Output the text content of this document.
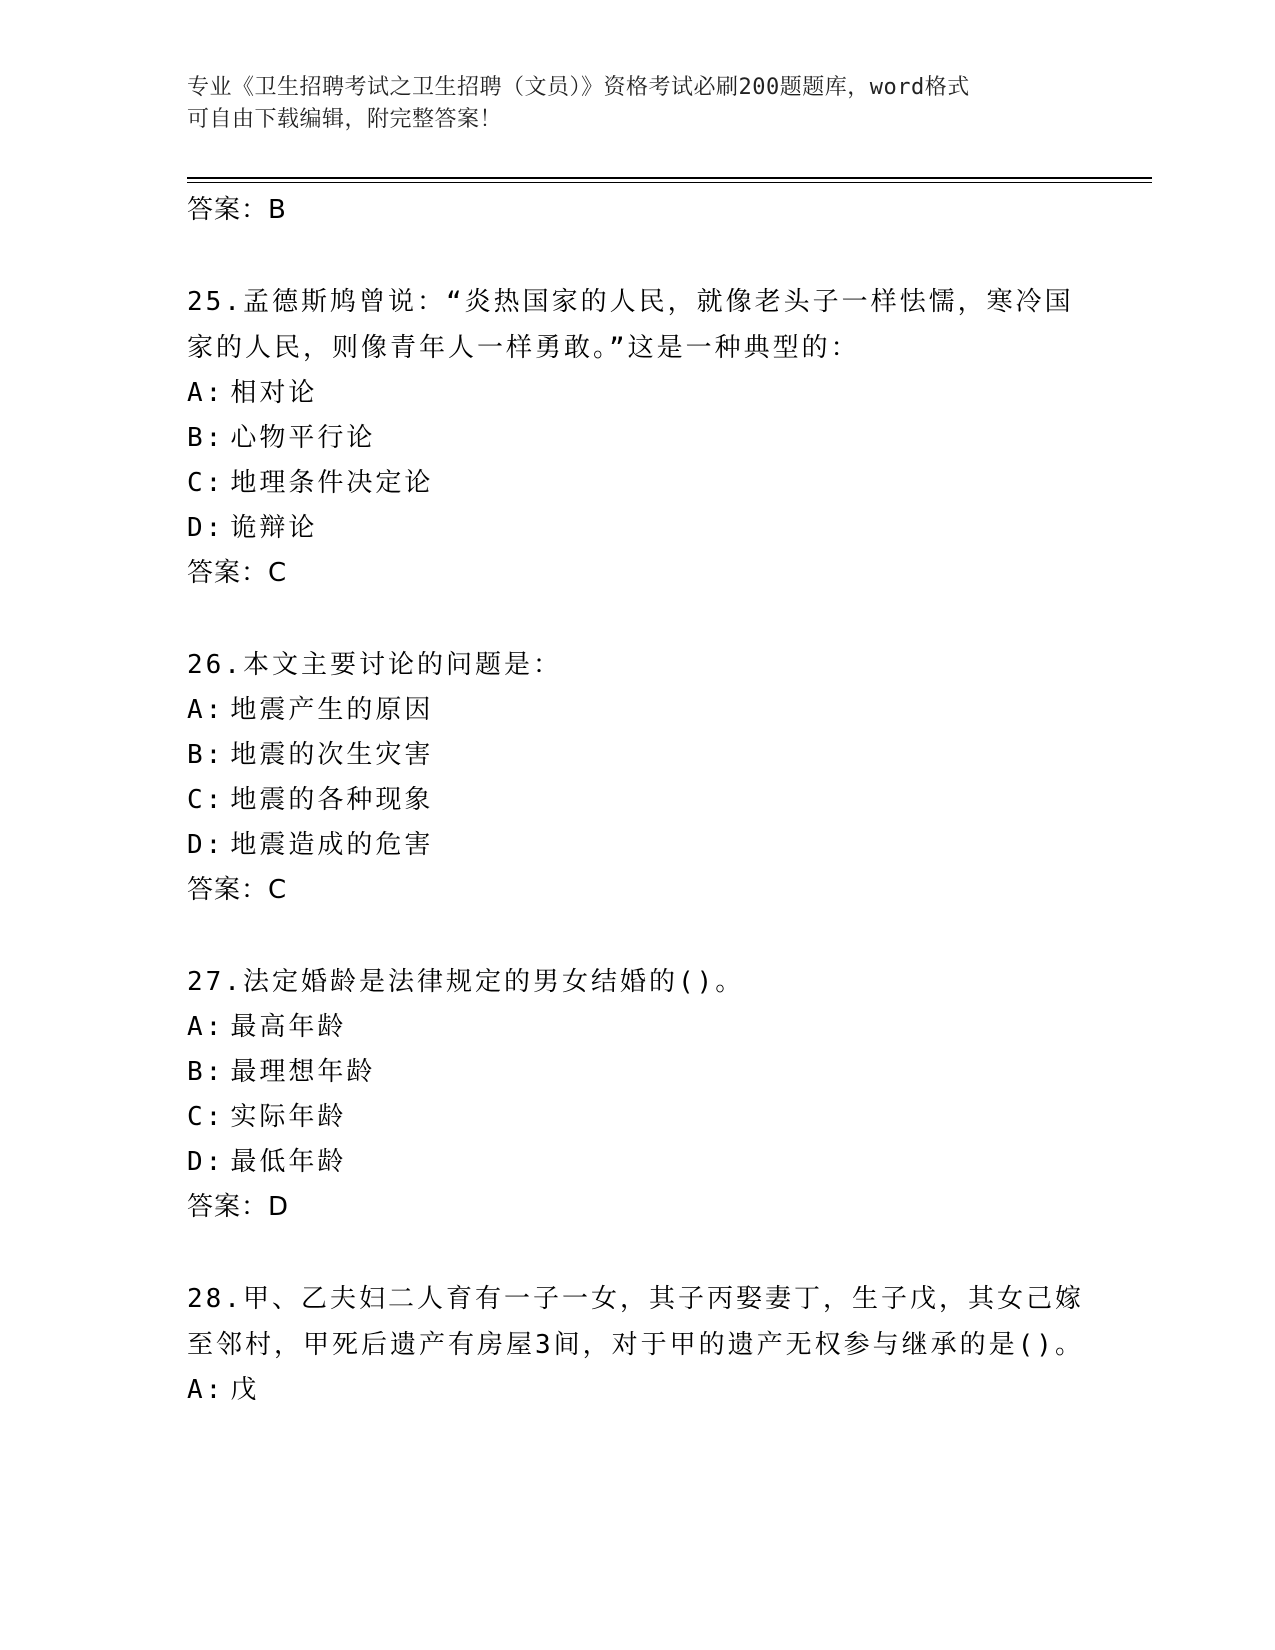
专业《卫生招聘考试之卫生招聘（文员）》资格考试必刷200题题库，word格式
可自由下载编辑，附完整答案！
答案：B
25.孟德斯鸠曾说：“炎热国家的人民，就像老头子一样怯懦，寒冷国家的人民，则像青年人一样勇敢。”这是一种典型的：
A: 相对论
B: 心物平行论
C: 地理条件决定论
D: 诡辩论
答案：C
26.本文主要讨论的问题是：
A: 地震产生的原因
B: 地震的次生灾害
C: 地震的各种现象
D: 地震造成的危害
答案：C
27.法定婚龄是法律规定的男女结婚的()。
A: 最高年龄
B: 最理想年龄
C: 实际年龄
D: 最低年龄
答案：D
28.甲、乙夫妇二人育有一子一女，其子丙娶妻丁，生子戊，其女己嫁至邻村，甲死后遗产有房屋3间，对于甲的遗产无权参与继承的是()。
A: 戊
